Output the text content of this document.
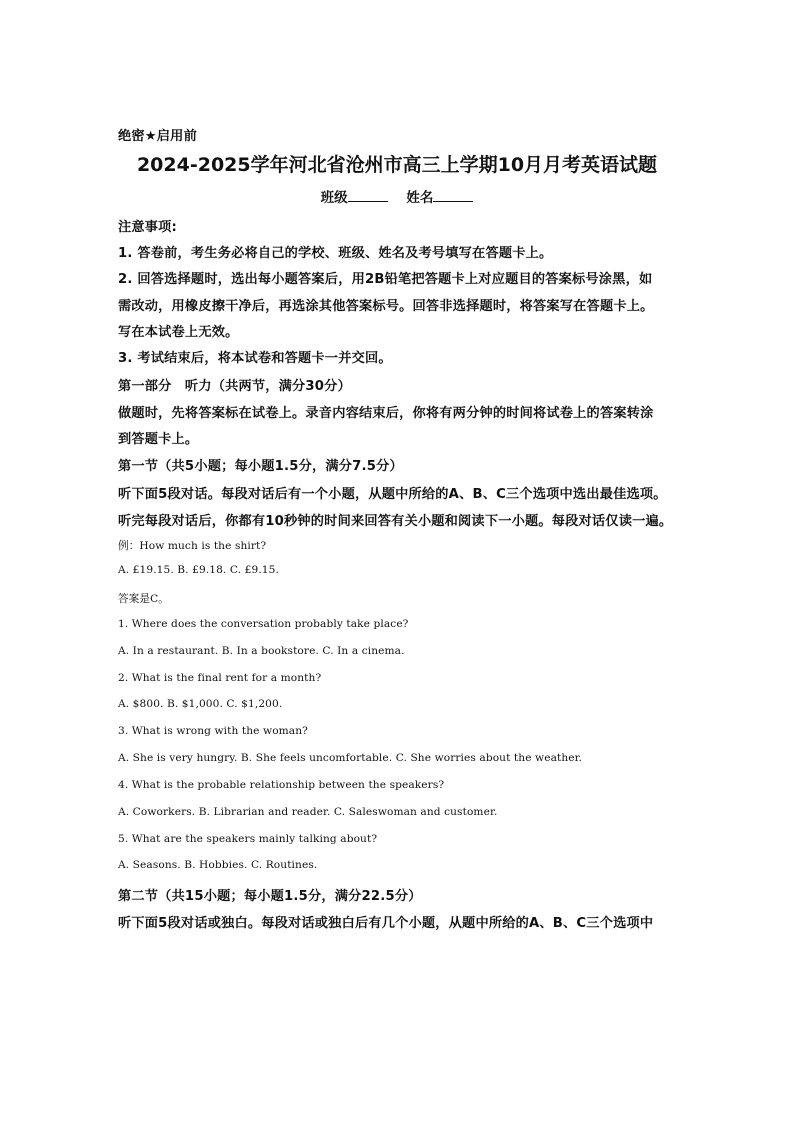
绝密★启用前
2024-2025学年河北省沧州市高三上学期10月月考英语试题
班级	姓名
注意事项:
1. 答卷前，考生务必将自己的学校、班级、姓名及考号填写在答题卡上。
2. 回答选择题时，选出每小题答案后，用2B铅笔把答题卡上对应题目的答案标号涂黑，如
需改动，用橡皮擦干净后，再选涂其他答案标号。回答非选择题时，将答案写在答题卡上。
写在本试卷上无效。
3. 考试结束后，将本试卷和答题卡一并交回。
第一部分　听力（共两节，满分30分）
做题时，先将答案标在试卷上。录音内容结束后，你将有两分钟的时间将试卷上的答案转涂
到答题卡上。
第一节（共5小题；每小题1.5分，满分7.5分）
听下面5段对话。每段对话后有一个小题，从题中所给的A、B、C三个选项中选出最佳选项。
听完每段对话后，你都有10秒钟的时间来回答有关小题和阅读下一小题。每段对话仅读一遍。
例：How much is the shirt?
A. £19.15. B. £9.18. C. £9.15.
答案是C。
1. Where does the conversation probably take place?
A. In a restaurant. B. In a bookstore. C. In a cinema.
2. What is the final rent for a month?
A. $800. B. $1,000. C. $1,200.
3. What is wrong with the woman?
A. She is very hungry. B. She feels uncomfortable. C. She worries about the weather.
4. What is the probable relationship between the speakers?
A. Coworkers. B. Librarian and reader. C. Saleswoman and customer.
5. What are the speakers mainly talking about?
A. Seasons. B. Hobbies. C. Routines.
第二节（共15小题；每小题1.5分，满分22.5分）
听下面5段对话或独白。每段对话或独白后有几个小题，从题中所给的A、B、C三个选项中
